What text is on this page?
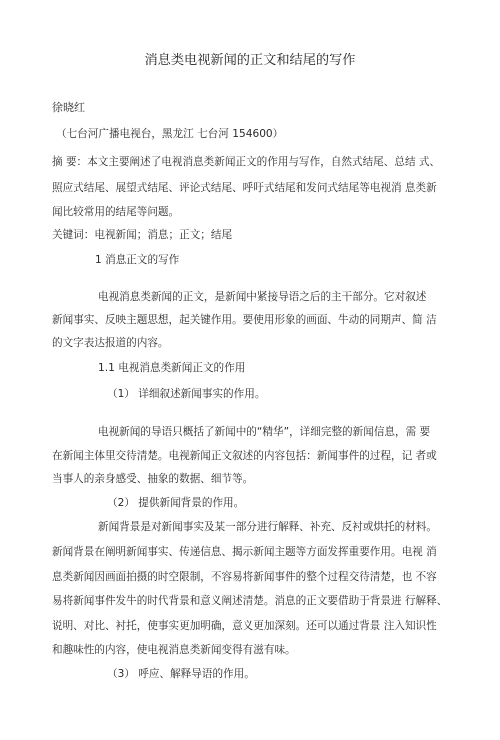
消息类电视新闻的正文和结尾的写作
徐晓红
（七台河广播电视台，黑龙江 七台河 154600）
摘 要：本文主要阐述了电视消息类新闻正文的作用与写作，自然式结尾、总结 式、
照应式结尾、展望式结尾、评论式结尾、呼吁式结尾和发问式结尾等电视消 息类新
闻比较常用的结尾等问题。
关键词：电视新闻；消息；正文；结尾
1 消息正文的写作
电视消息类新闻的正文，是新闻中紧接导语之后的主干部分。它对叙述
新闻事实、反映主题思想，起关键作用。要使用形象的画面、牛动的同期声、简 洁
的文字表达报道的内容。
1.1 电视消息类新闻正文的作用
（1） 详细叙述新闻事实的作用。
电视新闻的导语只概括了新闻中的“精华”，详细完整的新闻信息，需 要
在新闻主体里交待清楚。电视新闻正文叙述的内容包括：新闻事件的过程，记 者或
当事人的亲身感受、抽象的数据、细节等。
（2） 提供新闻背景的作用。
新闻背景是对新闻事实及某一部分进行解释、补充、反衬或烘托的材料。
新闻背景在阐明新闻事实、传递信息、揭示新闻主题等方面发挥重要作用。电视 消
息类新闻因画面拍摄的时空限制，不容易将新闻事件的整个过程交待清楚，也 不容
易将新闻事件发牛的时代背景和意义阐述清楚。消息的正文要借助于背景进 行解释、
说明、对比、衬托，使事实更加明确，意义更加深刻。还可以通过背景 注入知识性
和趣味性的内容，使电视消息类新闻变得有滋有味。
（3） 呼应、解释导语的作用。
